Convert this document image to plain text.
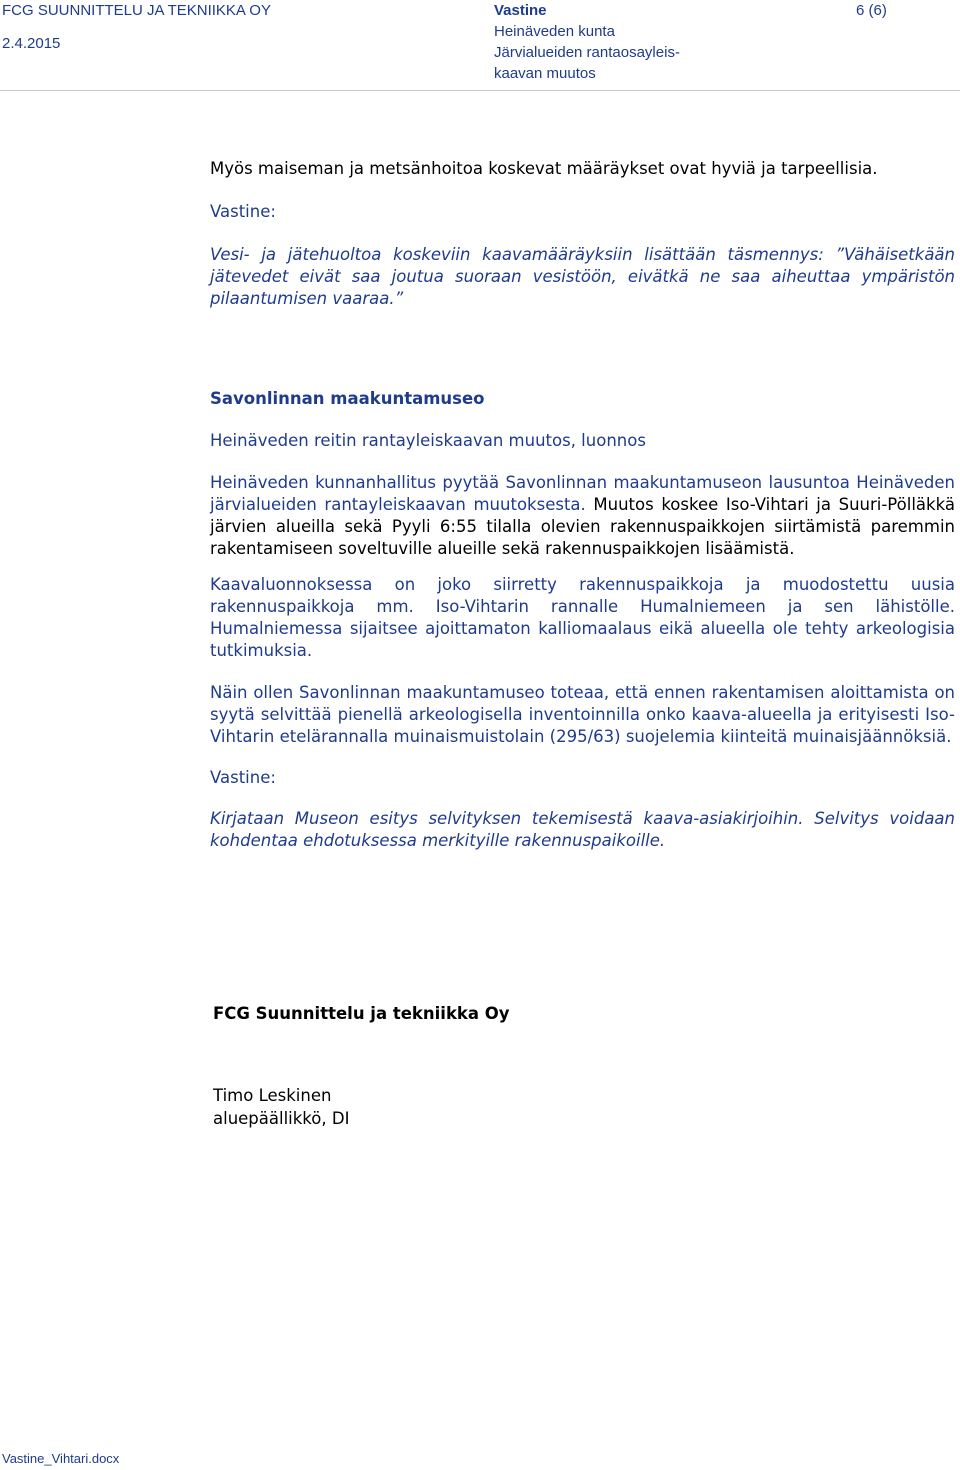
FCG SUUNNITTELU JA TEKNIIKKA OY
2.4.2015
Vastine
Heinäveden kunta
Järvialueiden rantaosayleis-
kaavan muutos
6 (6)

Myös maiseman ja metsänhoitoa koskevat määräykset ovat hyviä ja tarpeellisia.

Vastine:

Vesi- ja jätehuoltoa koskeviin kaavamääräyksiin lisättään täsmennys: ”Vähäisetkään jätevedet eivät saa joutua suoraan vesistöön, eivätkä ne saa aiheuttaa ympäristön pilaantumisen vaaraa.”

Savonlinnan maakuntamuseo

Heinäveden reitin rantayleiskaavan muutos, luonnos

Heinäveden kunnanhallitus pyytää Savonlinnan maakuntamuseon lausuntoa Heinäveden järvialueiden rantayleiskaavan muutoksesta. Muutos koskee Iso-Vihtari ja Suuri-Pölläkkä järvien alueilla sekä Pyyli 6:55 tilalla olevien rakennuspaikkojen siirtämistä paremmin rakentamiseen soveltuville alueille sekä rakennuspaikkojen lisäämistä.

Kaavaluonnoksessa on joko siirretty rakennuspaikkoja ja muodostettu uusia rakennuspaikkoja mm. Iso-Vihtarin rannalle Humalniemeen ja sen lähistölle. Humalniemessa sijaitsee ajoittamaton kalliomaalaus eikä alueella ole tehty arkeologisia tutkimuksia.

Näin ollen Savonlinnan maakuntamuseo toteaa, että ennen rakentamisen aloittamista on syytä selvittää pienellä arkeologisella inventoinnilla onko kaava-alueella ja erityisesti Iso-Vihtarin etelärannalla muinaismuistolain (295/63) suojelemia kiinteitä muinaisjäännöksiä.

Vastine:

Kirjataan Museon esitys selvityksen tekemisestä kaava-asiakirjoihin. Selvitys voidaan kohdentaa ehdotuksessa merkityille rakennuspaikoille.

FCG Suunnittelu ja tekniikka Oy
Timo Leskinen
aluepäällikkö, DI
Vastine_Vihtari.docx
